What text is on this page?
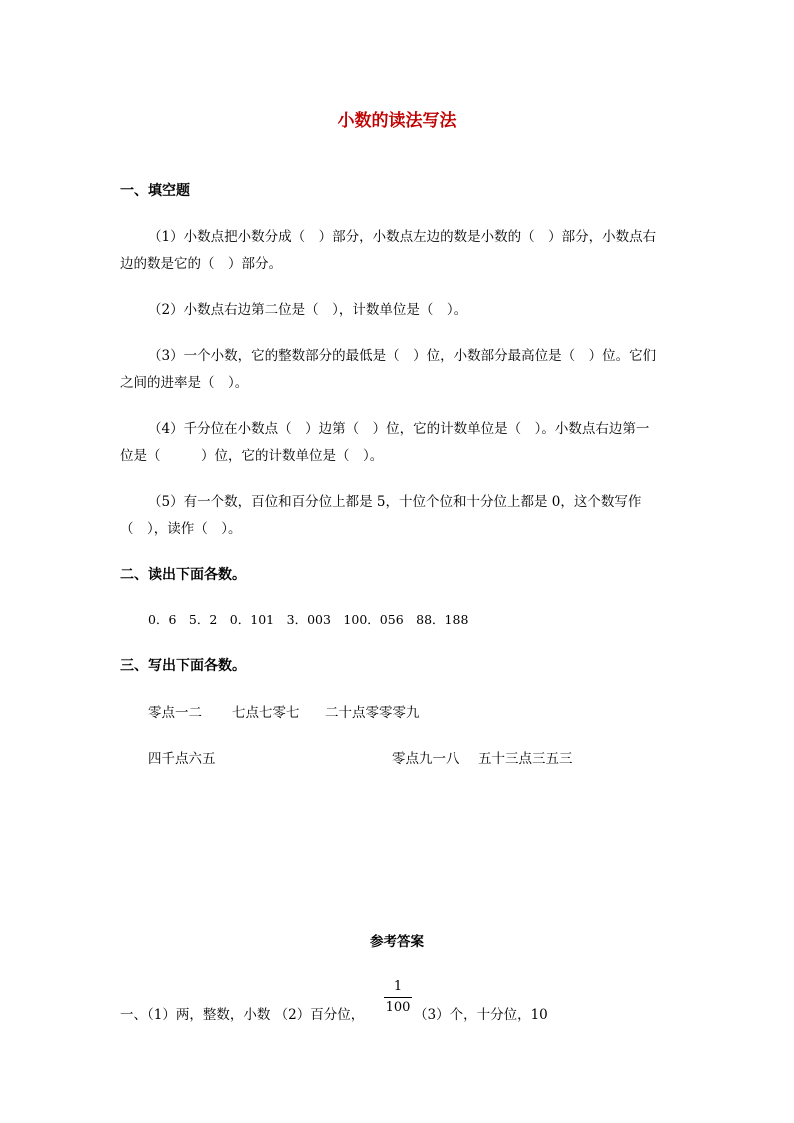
小数的读法写法
一、填空题
（1）小数点把小数分成（　）部分，小数点左边的数是小数的（　）部分，小数点右
边的数是它的（　）部分。
（2）小数点右边第二位是（　），计数单位是（　）。
（3）一个小数，它的整数部分的最低是（　）位，小数部分最高位是（　）位。它们
之间的进率是（　）。
（4）千分位在小数点（　）边第（　）位，它的计数单位是（　）。小数点右边第一
位是（　　　）位，它的计数单位是（　）。
（5）有一个数，百位和百分位上都是 5，十位个位和十分位上都是 0，这个数写作
（　），读作（　）。
二、读出下面各数。
0．6　5．2　0．101　3．003　100．056　88．188
三、写出下面各数。
零点一二 七点七零七 二十点零零零九
四千点六五	零点九一八 五十三点三五三
参考答案
一、（1）两，整数，小数 （2）百分位，
1
100 （3）个，十分位，10
